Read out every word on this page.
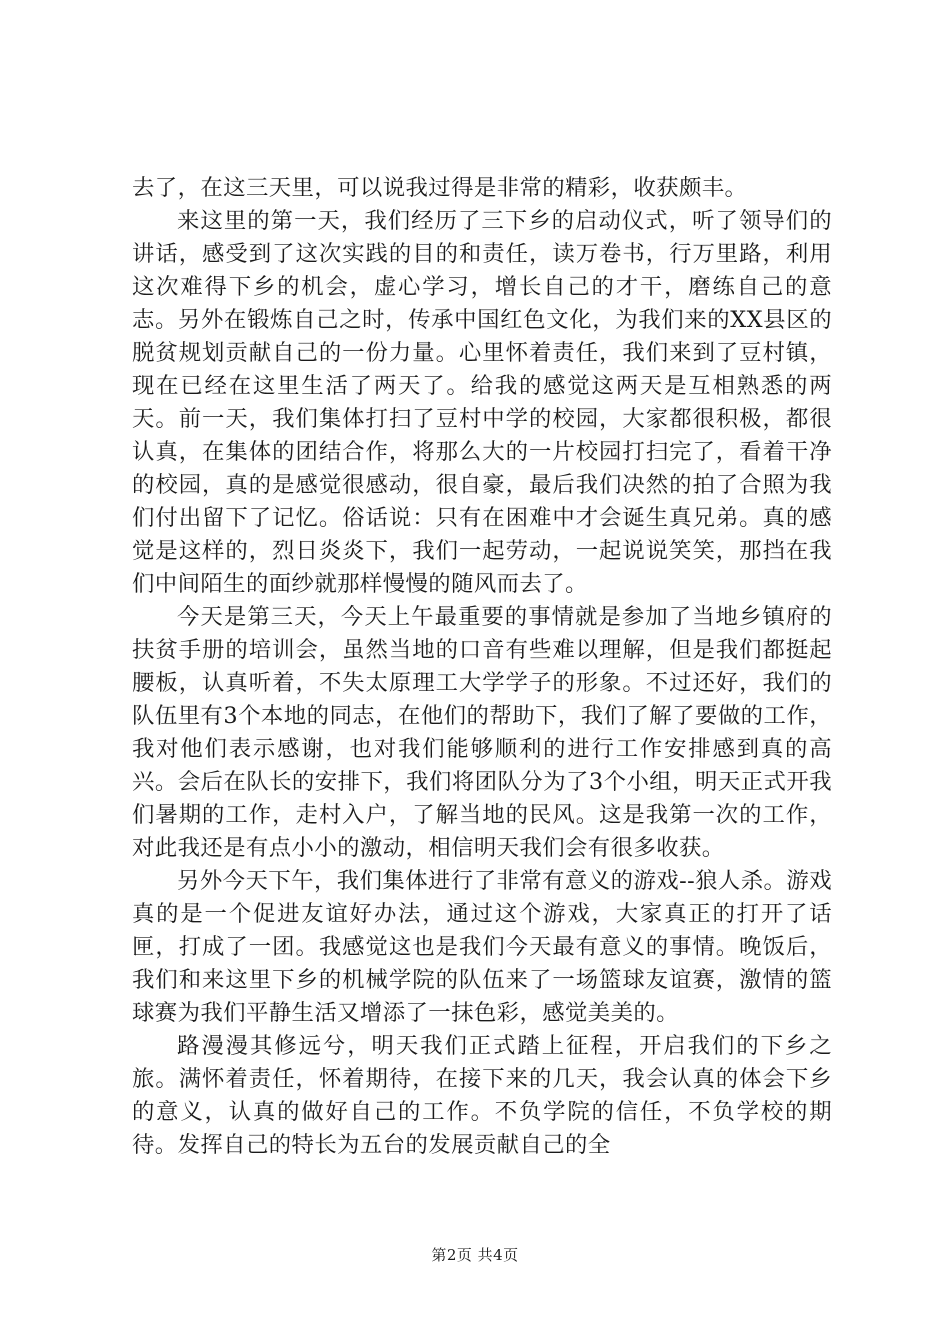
去了，在这三天里，可以说我过得是非常的精彩，收获颇丰。

来这里的第一天，我们经历了三下乡的启动仪式，听了领导们的讲话，感受到了这次实践的目的和责任，读万卷书，行万里路，利用这次难得下乡的机会，虚心学习，增长自己的才干，磨练自己的意志。另外在锻炼自己之时，传承中国红色文化，为我们来的XX县区的脱贫规划贡献自己的一份力量。心里怀着责任，我们来到了豆村镇，现在已经在这里生活了两天了。给我的感觉这两天是互相熟悉的两天。前一天，我们集体打扫了豆村中学的校园，大家都很积极，都很认真，在集体的团结合作，将那么大的一片校园打扫完了，看着干净的校园，真的是感觉很感动，很自豪，最后我们决然的拍了合照为我们付出留下了记忆。俗话说：只有在困难中才会诞生真兄弟。真的感觉是这样的，烈日炎炎下，我们一起劳动，一起说说笑笑，那挡在我们中间陌生的面纱就那样慢慢的随风而去了。

今天是第三天，今天上午最重要的事情就是参加了当地乡镇府的扶贫手册的培训会，虽然当地的口音有些难以理解，但是我们都挺起腰板，认真听着，不失太原理工大学学子的形象。不过还好，我们的队伍里有3个本地的同志，在他们的帮助下，我们了解了要做的工作，我对他们表示感谢，也对我们能够顺利的进行工作安排感到真的高兴。会后在队长的安排下，我们将团队分为了3个小组，明天正式开我们暑期的工作，走村入户，了解当地的民风。这是我第一次的工作，对此我还是有点小小的激动，相信明天我们会有很多收获。

另外今天下午，我们集体进行了非常有意义的游戏--狼人杀。游戏真的是一个促进友谊好办法，通过这个游戏，大家真正的打开了话匣，打成了一团。我感觉这也是我们今天最有意义的事情。晚饭后，我们和来这里下乡的机械学院的队伍来了一场篮球友谊赛，激情的篮球赛为我们平静生活又增添了一抹色彩，感觉美美的。

路漫漫其修远兮，明天我们正式踏上征程，开启我们的下乡之旅。满怀着责任，怀着期待，在接下来的几天，我会认真的体会下乡的意义，认真的做好自己的工作。不负学院的信任，不负学校的期待。发挥自己的特长为五台的发展贡献自己的全

第2页 共4页
